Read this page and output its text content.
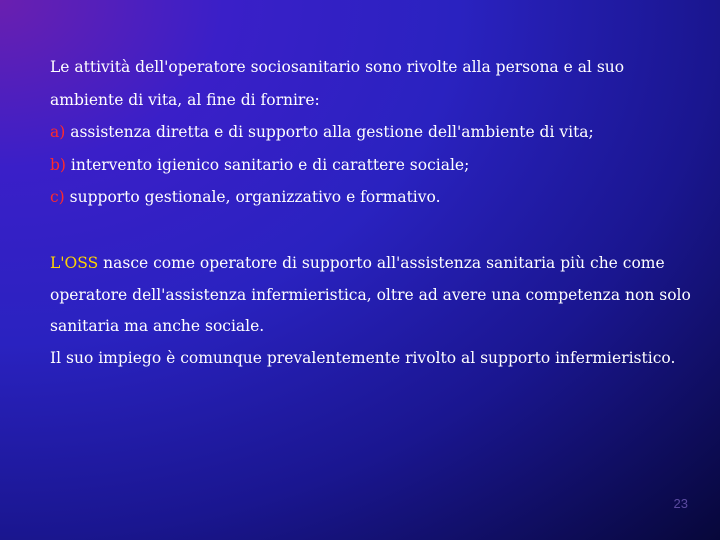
Le attività dell'operatore sociosanitario sono rivolte alla persona e al suo
ambiente di vita, al fine di fornire:
a) assistenza diretta e di supporto alla gestione dell'ambiente di vita;
b) intervento igienico sanitario e di carattere sociale;
c) supporto gestionale, organizzativo e formativo.
L'OSS nasce come operatore di supporto all'assistenza sanitaria più che come
operatore dell'assistenza infermieristica, oltre ad avere una competenza non solo
sanitaria ma anche sociale.
Il suo impiego è comunque prevalentemente rivolto al supporto infermieristico.
23
